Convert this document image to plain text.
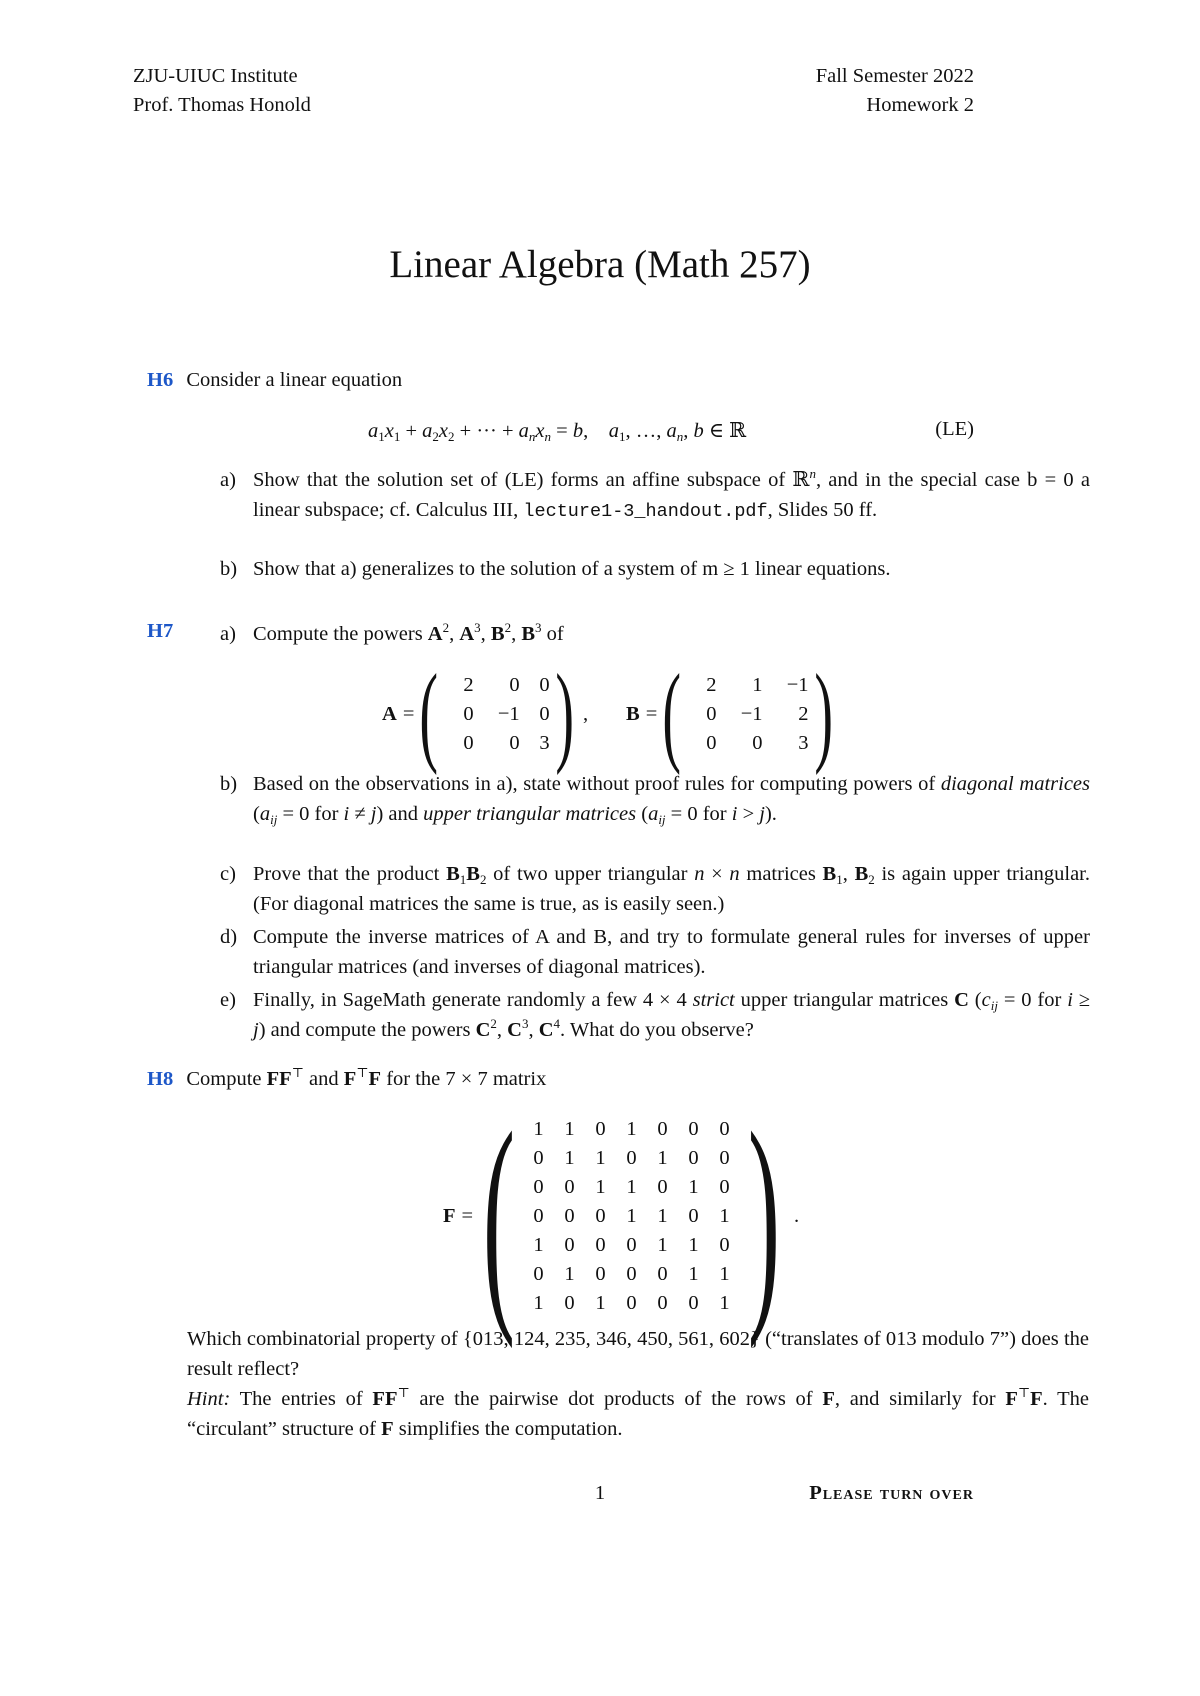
ZJU-UIUC Institute
Prof. Thomas Honold
Fall Semester 2022
Homework 2
Linear Algebra (Math 257)
H6 Consider a linear equation
$a_1x_1 + a_2x_2$ + ··· + $a_nx_n = b$,    $a_1$, …, $a_n$, b ∈ ℝ	(LE)
a) Show that the solution set of (LE) forms an affine subspace of ℝ$^n$, and in the special case b = 0 a linear subspace; cf. Calculus III, lecture1-3_handout.pdf, Slides 50 ff.
b) Show that a) generalizes to the solution of a system of m ≥ 1 linear equations.
H7 a) Compute the powers $A^2$, $A^3$, $B^2$, $B^3$ of
A = ( 2	0	0
0	−1	0
0	0	3 ) , B = ( 2	1	−1
0	−1	2
0	0	3 )
b) Based on the observations in a), state without proof rules for computing powers of diagonal matrices ($a_{ij} = 0$ for i ≠ j) and upper triangular matrices ($a_{ij} = 0$ for i > j).
c) Prove that the product $B_1B_2$ of two upper triangular n × n matrices $B_1$, $B_2$ is again upper triangular. (For diagonal matrices the same is true, as is easily seen.)
d) Compute the inverse matrices of A and B, and try to formulate general rules for inverses of upper triangular matrices (and inverses of diagonal matrices).
e) Finally, in SageMath generate randomly a few 4 × 4 strict upper triangular matrices C ($c_{ij} = 0$ for i ≥ j) and compute the powers $C^2$, $C^3$, $C^4$. What do you observe?
H8 Compute FF⊤ and F⊤F for the 7 × 7 matrix
F = ( 1	1	0	1	0	0	0
0	1	1	0	1	0	0
0	0	1	1	0	1	0
0	0	0	1	1	0	1
1	0	0	0	1	1	0
0	1	0	0	0	1	1
1	0	1	0	0	0	1 ) .
Which combinatorial property of {013, 124, 235, 346, 450, 561, 602} (“translates of 013 modulo 7”) does the result reflect?
Hint: The entries of FF⊤ are the pairwise dot products of the rows of F, and similarly for F⊤F. The “circulant” structure of F simplifies the computation.
1	Please turn over
